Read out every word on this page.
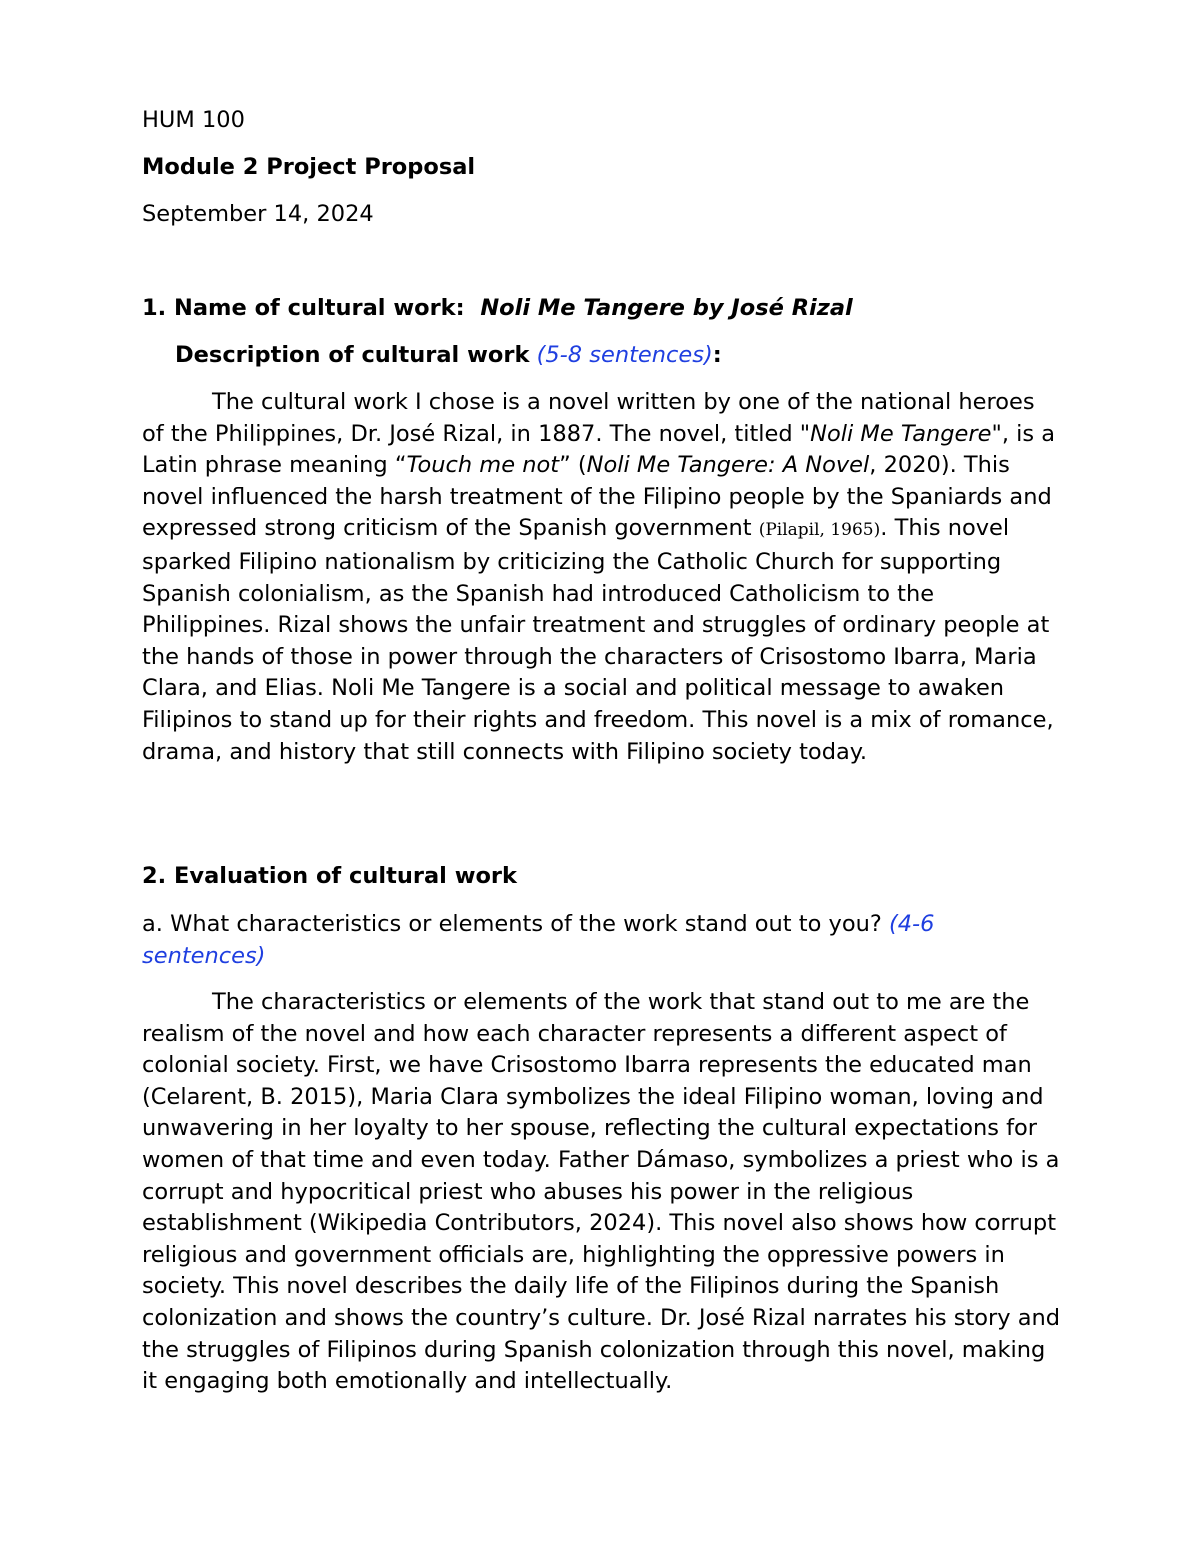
HUM 100

Module 2 Project Proposal

September 14, 2024

1. Name of cultural work: Noli Me Tangere by José Rizal

Description of cultural work (5-8 sentences):

The cultural work I chose is a novel written by one of the national heroes of the Philippines, Dr. José Rizal, in 1887. The novel, titled "Noli Me Tangere", is a Latin phrase meaning “Touch me not” (Noli Me Tangere: A Novel, 2020). This novel influenced the harsh treatment of the Filipino people by the Spaniards and expressed strong criticism of the Spanish government (Pilapil, 1965). This novel sparked Filipino nationalism by criticizing the Catholic Church for supporting Spanish colonialism, as the Spanish had introduced Catholicism to the Philippines. Rizal shows the unfair treatment and struggles of ordinary people at the hands of those in power through the characters of Crisostomo Ibarra, Maria Clara, and Elias. Noli Me Tangere is a social and political message to awaken Filipinos to stand up for their rights and freedom. This novel is a mix of romance, drama, and history that still connects with Filipino society today.

2. Evaluation of cultural work

a. What characteristics or elements of the work stand out to you? (4-6 sentences)

The characteristics or elements of the work that stand out to me are the realism of the novel and how each character represents a different aspect of colonial society. First, we have Crisostomo Ibarra represents the educated man (Celarent, B. 2015), Maria Clara symbolizes the ideal Filipino woman, loving and unwavering in her loyalty to her spouse, reflecting the cultural expectations for women of that time and even today. Father Dámaso, symbolizes a priest who is a corrupt and hypocritical priest who abuses his power in the religious establishment (Wikipedia Contributors, 2024). This novel also shows how corrupt religious and government officials are, highlighting the oppressive powers in society. This novel describes the daily life of the Filipinos during the Spanish colonization and shows the country’s culture. Dr. José Rizal narrates his story and the struggles of Filipinos during Spanish colonization through this novel, making it engaging both emotionally and intellectually.
